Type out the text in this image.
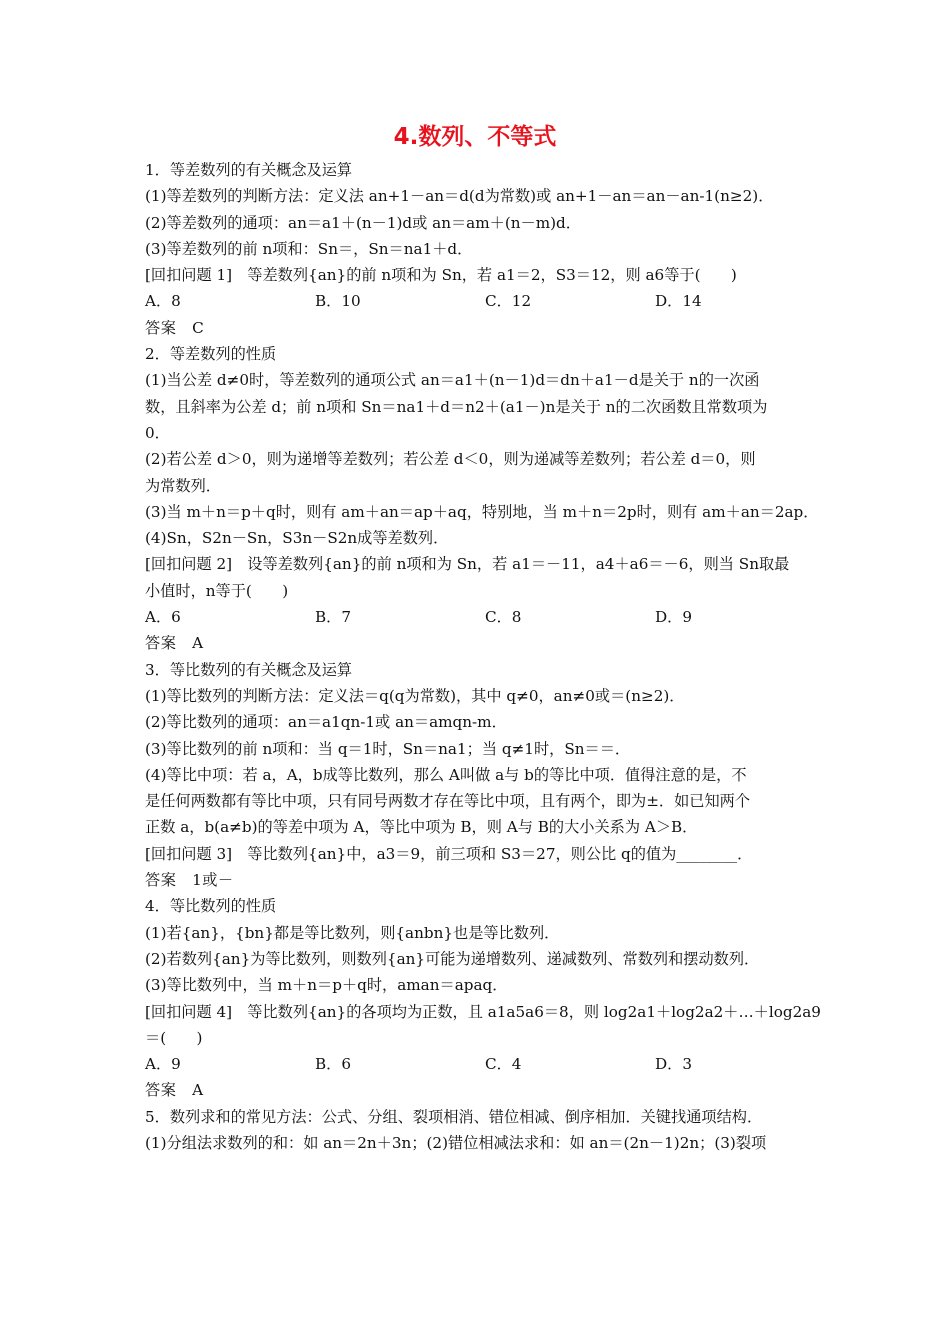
4.数列、不等式
1．等差数列的有关概念及运算
(1)等差数列的判断方法：定义法 an+1－an＝d(d为常数)或 an+1－an＝an－an-1(n≥2)．
(2)等差数列的通项：an＝a1＋(n－1)d或 an＝am＋(n－m)d．
(3)等差数列的前 n项和：Sn＝，Sn＝na1＋d．
[回扣问题 1]　等差数列{an}的前 n项和为 Sn，若 a1＝2，S3＝12，则 a6等于(　　)
A．8	B．10	C．12	D．14
答案　C
2．等差数列的性质
(1)当公差 d≠0时，等差数列的通项公式 an＝a1＋(n－1)d＝dn＋a1－d是关于 n的一次函
数，且斜率为公差 d；前 n项和 Sn＝na1＋d＝n2＋(a1－)n是关于 n的二次函数且常数项为
0．
(2)若公差 d＞0，则为递增等差数列；若公差 d＜0，则为递减等差数列；若公差 d＝0，则
为常数列．
(3)当 m＋n＝p＋q时，则有 am＋an＝ap＋aq，特别地，当 m＋n＝2p时，则有 am＋an＝2ap．
(4)Sn，S2n－Sn，S3n－S2n成等差数列．
[回扣问题 2]　设等差数列{an}的前 n项和为 Sn，若 a1＝－11，a4＋a6＝－6，则当 Sn取最
小值时，n等于(　　)
A．6	B．7	C．8	D．9
答案　A
3．等比数列的有关概念及运算
(1)等比数列的判断方法：定义法＝q(q为常数)，其中 q≠0，an≠0或＝(n≥2)．
(2)等比数列的通项：an＝a1qn-1或 an＝amqn-m．
(3)等比数列的前 n项和：当 q＝1时，Sn＝na1；当 q≠1时，Sn＝＝．
(4)等比中项：若 a，A，b成等比数列，那么 A叫做 a与 b的等比中项．值得注意的是，不
是任何两数都有等比中项，只有同号两数才存在等比中项，且有两个，即为±．如已知两个
正数 a，b(a≠b)的等差中项为 A，等比中项为 B，则 A与 B的大小关系为 A＞B．
[回扣问题 3]　等比数列{an}中，a3＝9，前三项和 S3＝27，则公比 q的值为________．
答案　1或－
4．等比数列的性质
(1)若{an}，{bn}都是等比数列，则{anbn}也是等比数列．
(2)若数列{an}为等比数列，则数列{an}可能为递增数列、递减数列、常数列和摆动数列．
(3)等比数列中，当 m＋n＝p＋q时，aman＝apaq．
[回扣问题 4]　等比数列{an}的各项均为正数，且 a1a5a6＝8，则 log2a1＋log2a2＋…＋log2a9
＝(　　)
A．9	B．6	C．4	D．3
答案　A
5．数列求和的常见方法：公式、分组、裂项相消、错位相减、倒序相加．关键找通项结构．
(1)分组法求数列的和：如 an＝2n＋3n；(2)错位相减法求和：如 an＝(2n－1)2n；(3)裂项
